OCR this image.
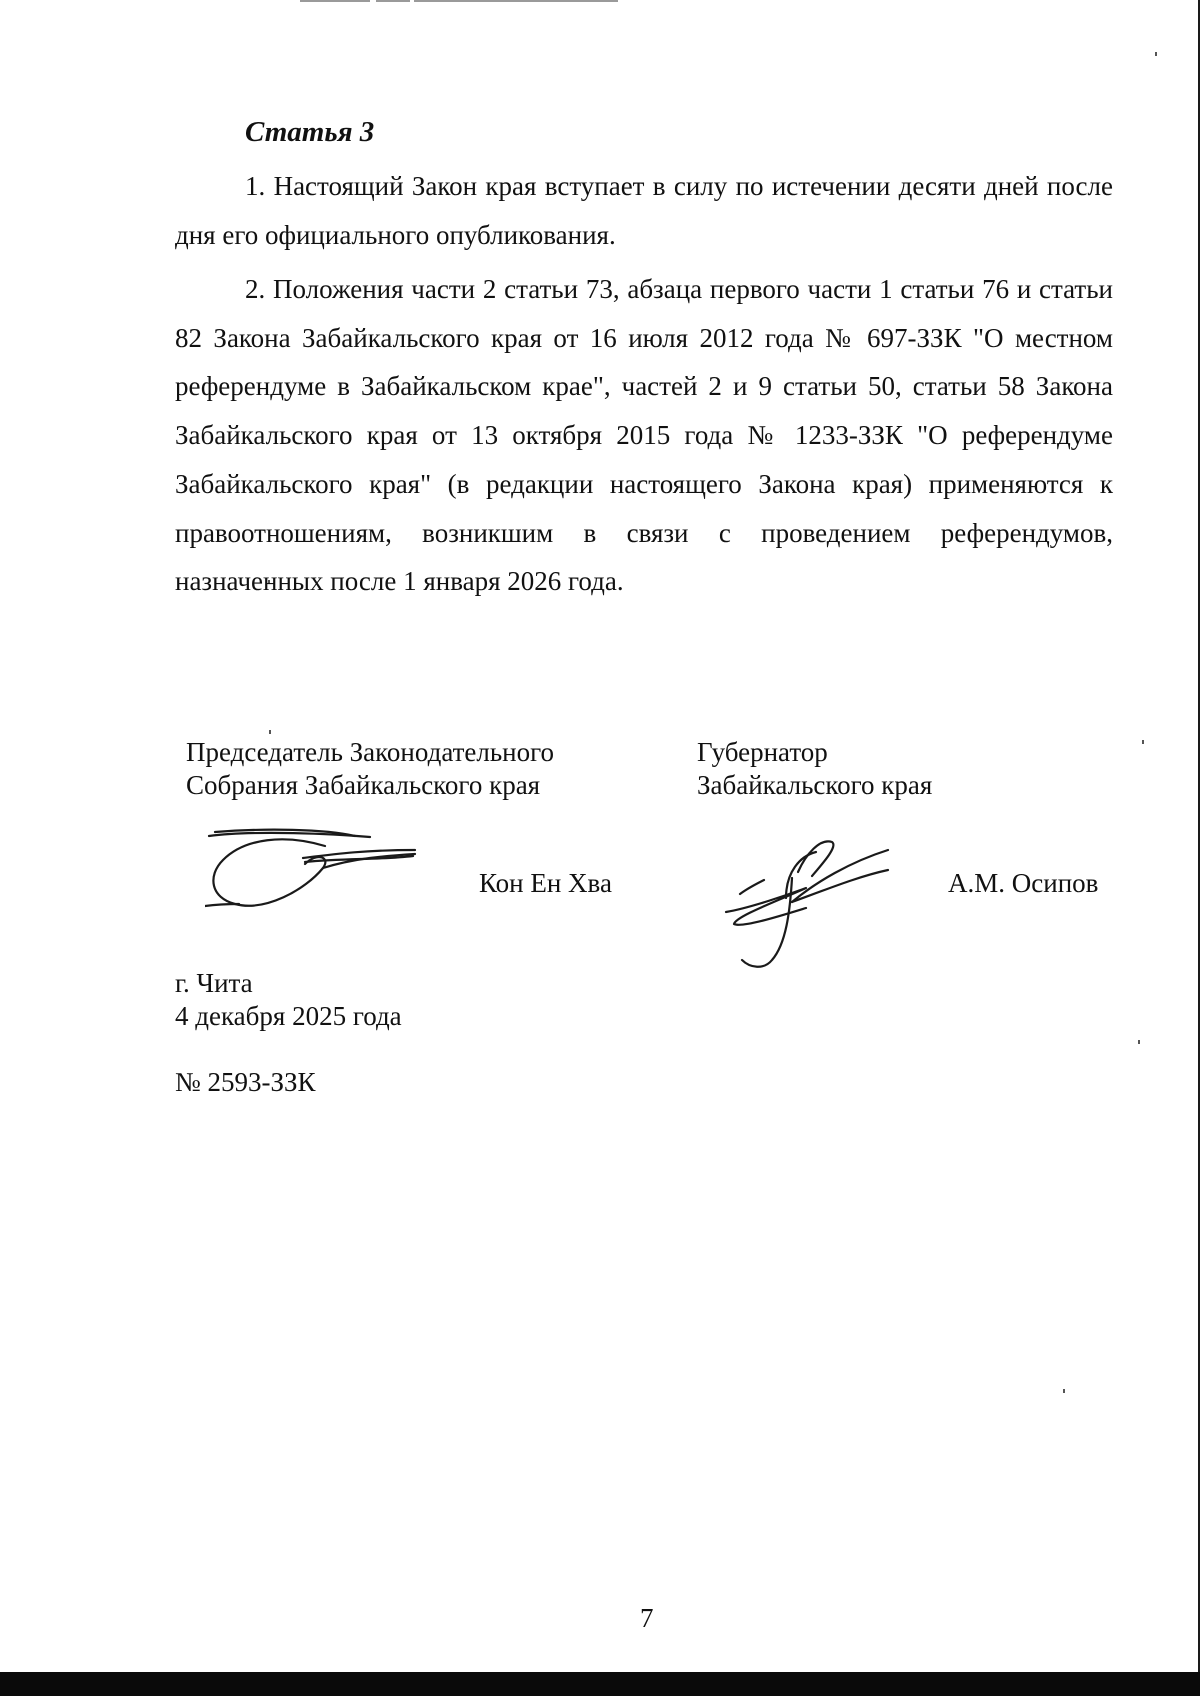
Статья 3

1. Настоящий Закон края вступает в силу по истечении десяти дней после дня его официального опубликования.

2. Положения части 2 статьи 73, абзаца первого части 1 статьи 76 и статьи 82 Закона Забайкальского края от 16 июля 2012 года № 697-ЗЗК "О местном референдуме в Забайкальском крае", частей 2 и 9 статьи 50, статьи 58 Закона Забайкальского края от 13 октября 2015 года № 1233-ЗЗК "О референдуме Забайкальского края" (в редакции настоящего Закона края) применяются к правоотношениям, возникшим в связи с проведением референдумов, назначенных после 1 января 2026 года.

Председатель Законодательного
Собрания Забайкальского края
Кон Ен Хва
Губернатор
Забайкальского края
А.М. Осипов
г. Чита
4 декабря 2025 года
№ 2593-ЗЗК
7
